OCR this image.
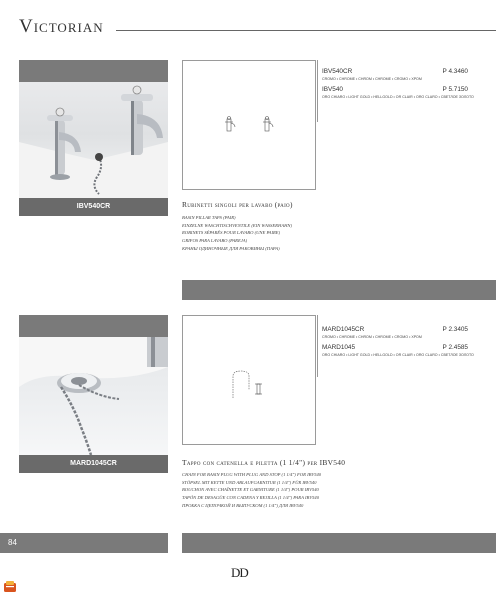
Victorian
IBV540CR
IBV540CR	P 4.3460
CROMO • CHROME • CHROM • CHROME • CROMO • ХРОМ
IBV540	P 5.7150
ORO CHIARO • LIGHT GOLD • HELLGOLD • OR CLAIR • ORO CLARO • СВЕТЛОЕ ЗОЛОТО
Rubinetti singoli per lavabo (paio)
BASIN PILLAR TAPS (PAIR)
EINZELNE WASCHTISCHVENTILE (EIN WASSERHAHN)
ROBINETS SÉPARÉS POUR LAVABO (UNE PAIRE)
GRIFOS PARA LAVABO (PAREJA)
КРАНЫ ОДИНОЧНЫЕ ДЛЯ РАКОВИНЫ (ПАРА)
MARD1045CR
MARD1045CR	P 2.3405
CROMO • CHROME • CHROM • CHROME • CROMO • ХРОМ
MARD1045	P 2.4585
ORO CHIARO • LIGHT GOLD • HELLGOLD • OR CLAIR • ORO CLARO • СВЕТЛОЕ ЗОЛОТО
Tappo con catenella e piletta (1 1/4") per IBV540
CHAIN FOR BASIN PLUG WITH PLUG AND STOP (1 1/4") FOR IBV540
STÖPSEL MIT KETTE UND ABLAUFGARNITUR (1 1/4") FÜR IBV540
BOUCHON AVEC CHAÎNETTE ET GARNITURE (1 1/4") POUR IBV540
TAPÓN DE DESAGÜE CON CADENA Y REJILLA (1 1/4") PARA IBV540
ПРОБКА С ЦЕПОЧКОЙ И ВЫПУСКОМ (1 1/4") ДЛЯ IBV540
84
DD
